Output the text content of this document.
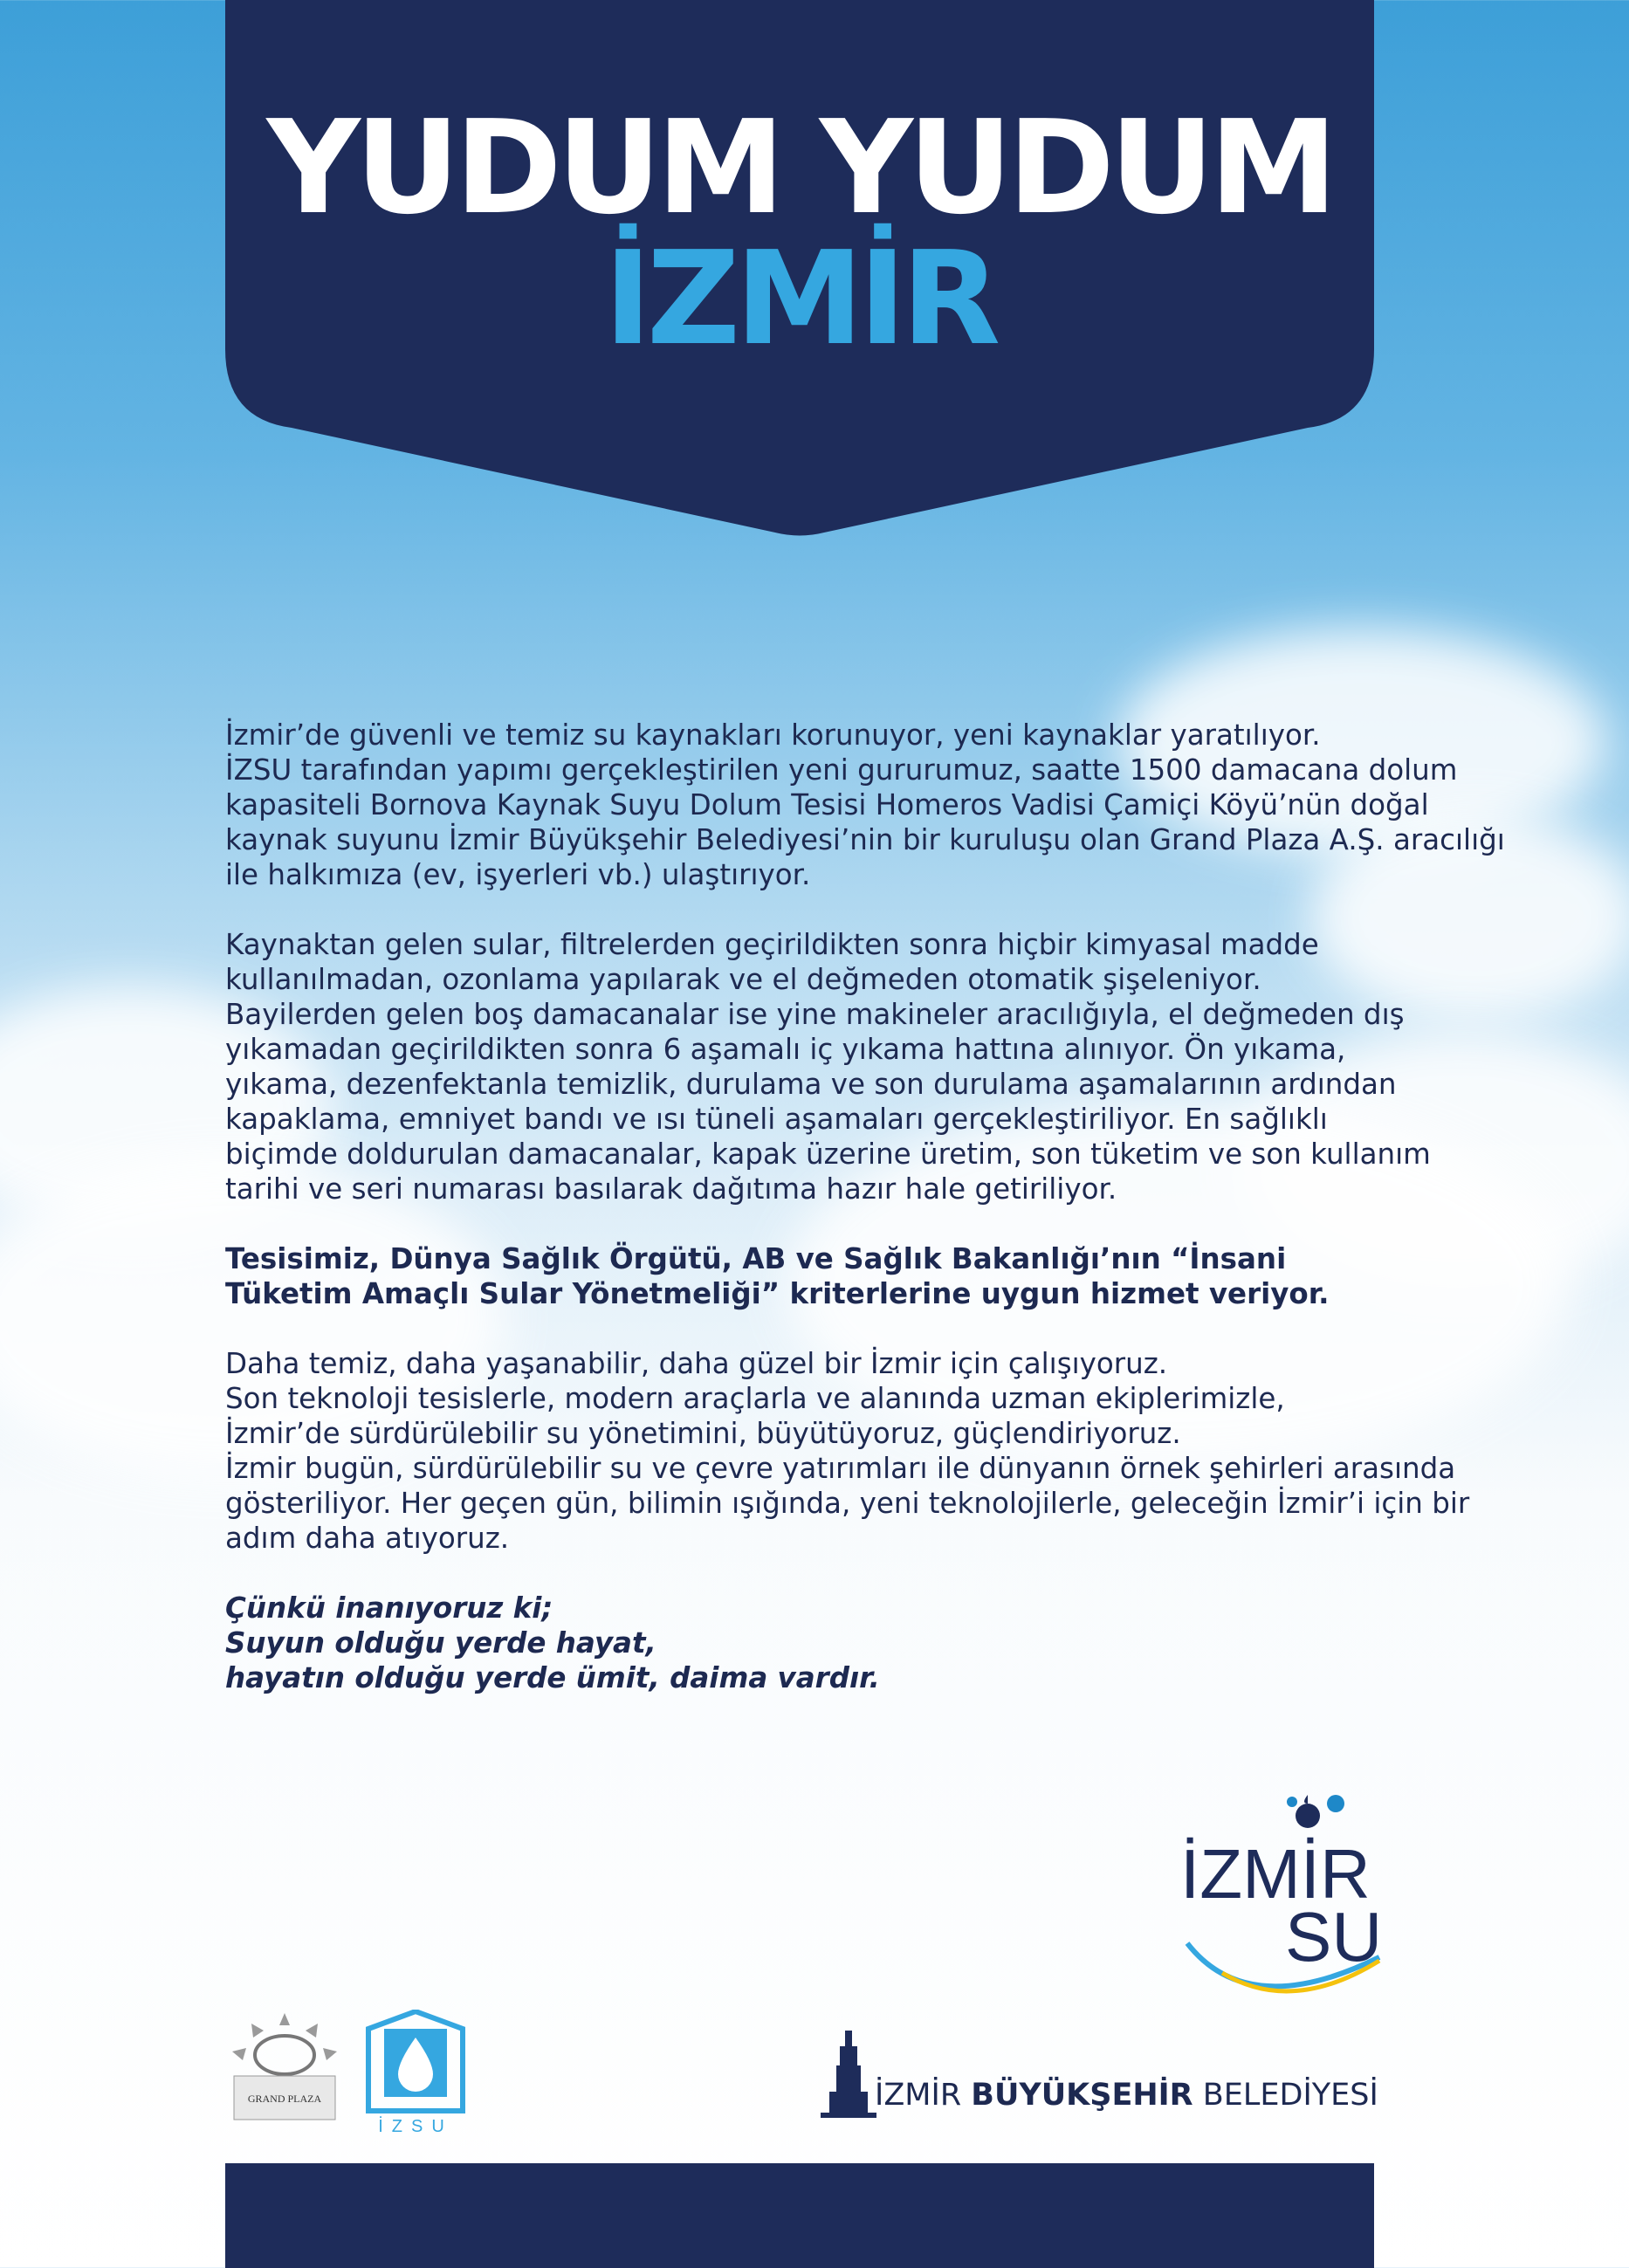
YUDUM YUDUM
İZMİR

İzmir’de güvenli ve temiz su kaynakları korunuyor, yeni kaynaklar yaratılıyor.
İZSU tarafından yapımı gerçekleştirilen yeni gururumuz, saatte 1500 damacana dolum
kapasiteli Bornova Kaynak Suyu Dolum Tesisi Homeros Vadisi Çamiçi Köyü’nün doğal
kaynak suyunu İzmir Büyükşehir Belediyesi’nin bir kuruluşu olan Grand Plaza A.Ş. aracılığı
ile halkımıza (ev, işyerleri vb.) ulaştırıyor.

Kaynaktan gelen sular, filtrelerden geçirildikten sonra hiçbir kimyasal madde
kullanılmadan, ozonlama yapılarak ve el değmeden otomatik şişeleniyor.
Bayilerden gelen boş damacanalar ise yine makineler aracılığıyla, el değmeden dış
yıkamadan geçirildikten sonra 6 aşamalı iç yıkama hattına alınıyor. Ön yıkama,
yıkama, dezenfektanla temizlik, durulama ve son durulama aşamalarının ardından
kapaklama, emniyet bandı ve ısı tüneli aşamaları gerçekleştiriliyor. En sağlıklı
biçimde doldurulan damacanalar, kapak üzerine üretim, son tüketim ve son kullanım
tarihi ve seri numarası basılarak dağıtıma hazır hale getiriliyor.

Tesisimiz, Dünya Sağlık Örgütü, AB ve Sağlık Bakanlığı’nın “İnsani
Tüketim Amaçlı Sular Yönetmeliği” kriterlerine uygun hizmet veriyor.

Daha temiz, daha yaşanabilir, daha güzel bir İzmir için çalışıyoruz.
Son teknoloji tesislerle, modern araçlarla ve alanında uzman ekiplerimizle,
İzmir’de sürdürülebilir su yönetimini, büyütüyoruz, güçlendiriyoruz.
İzmir bugün, sürdürülebilir su ve çevre yatırımları ile dünyanın örnek şehirleri arasında
gösteriliyor. Her geçen gün, bilimin ışığında, yeni teknolojilerle, geleceğin İzmir’i için bir
adım daha atıyoruz.

Çünkü inanıyoruz ki;
Suyun olduğu yerde hayat,
hayatın olduğu yerde ümit, daima vardır.

İZMİR
SU
GRAND PLAZA
İZSU
İZMİR BÜYÜKŞEHİR BELEDİYESİ
